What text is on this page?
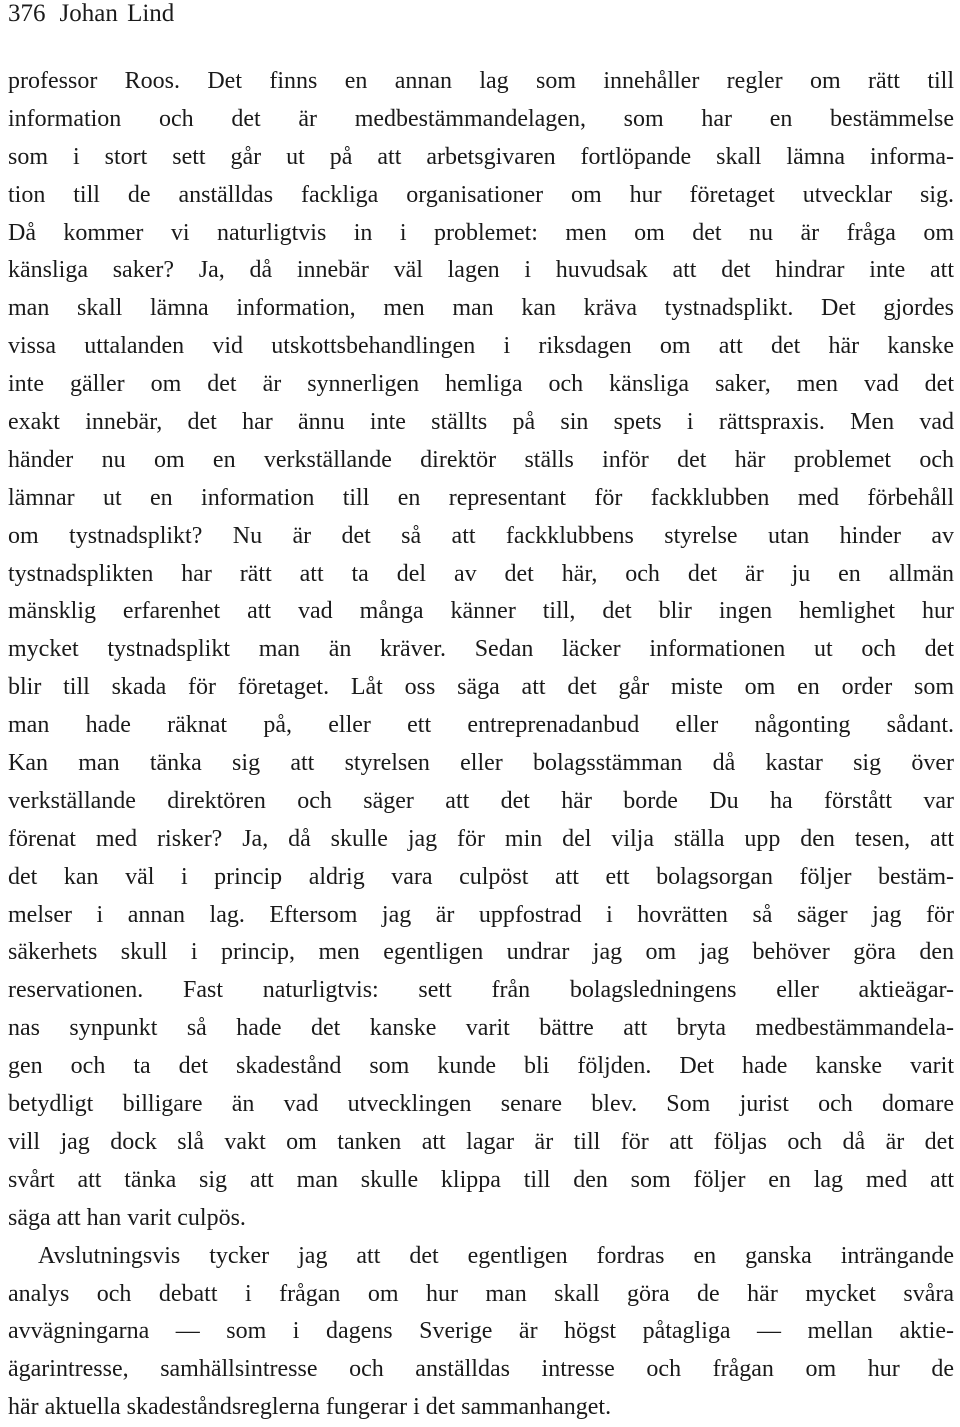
376 Johan Lind
professor Roos. Det finns en annan lag som innehåller regler om rätt till
information och det är medbestämmandelagen, som har en bestämmelse
som i stort sett går ut på att arbetsgivaren fortlöpande skall lämna informa-
tion till de anställdas fackliga organisationer om hur företaget utvecklar sig.
Då kommer vi naturligtvis in i problemet: men om det nu är fråga om
känsliga saker? Ja, då innebär väl lagen i huvudsak att det hindrar inte att
man skall lämna information, men man kan kräva tystnadsplikt. Det gjordes
vissa uttalanden vid utskottsbehandlingen i riksdagen om att det här kanske
inte gäller om det är synnerligen hemliga och känsliga saker, men vad det
exakt innebär, det har ännu inte ställts på sin spets i rättspraxis. Men vad
händer nu om en verkställande direktör ställs inför det här problemet och
lämnar ut en information till en representant för fackklubben med förbehåll
om tystnadsplikt? Nu är det så att fackklubbens styrelse utan hinder av
tystnadsplikten har rätt att ta del av det här, och det är ju en allmän
mänsklig erfarenhet att vad många känner till, det blir ingen hemlighet hur
mycket tystnadsplikt man än kräver. Sedan läcker informationen ut och det
blir till skada för företaget. Låt oss säga att det går miste om en order som
man hade räknat på, eller ett entreprenadanbud eller någonting sådant.
Kan man tänka sig att styrelsen eller bolagsstämman då kastar sig över
verkställande direktören och säger att det här borde Du ha förstått var
förenat med risker? Ja, då skulle jag för min del vilja ställa upp den tesen, att
det kan väl i princip aldrig vara culpöst att ett bolagsorgan följer bestäm-
melser i annan lag. Eftersom jag är uppfostrad i hovrätten så säger jag för
säkerhets skull i princip, men egentligen undrar jag om jag behöver göra den
reservationen. Fast naturligtvis: sett från bolagsledningens eller aktieägar-
nas synpunkt så hade det kanske varit bättre att bryta medbestämmandela-
gen och ta det skadestånd som kunde bli följden. Det hade kanske varit
betydligt billigare än vad utvecklingen senare blev. Som jurist och domare
vill jag dock slå vakt om tanken att lagar är till för att följas och då är det
svårt att tänka sig att man skulle klippa till den som följer en lag med att
säga att han varit culpös.
Avslutningsvis tycker jag att det egentligen fordras en ganska inträngande
analys och debatt i frågan om hur man skall göra de här mycket svåra
avvägningarna — som i dagens Sverige är högst påtagliga — mellan aktie-
ägarintresse, samhällsintresse och anställdas intresse och frågan om hur de
här aktuella skadeståndsreglerna fungerar i det sammanhanget.
